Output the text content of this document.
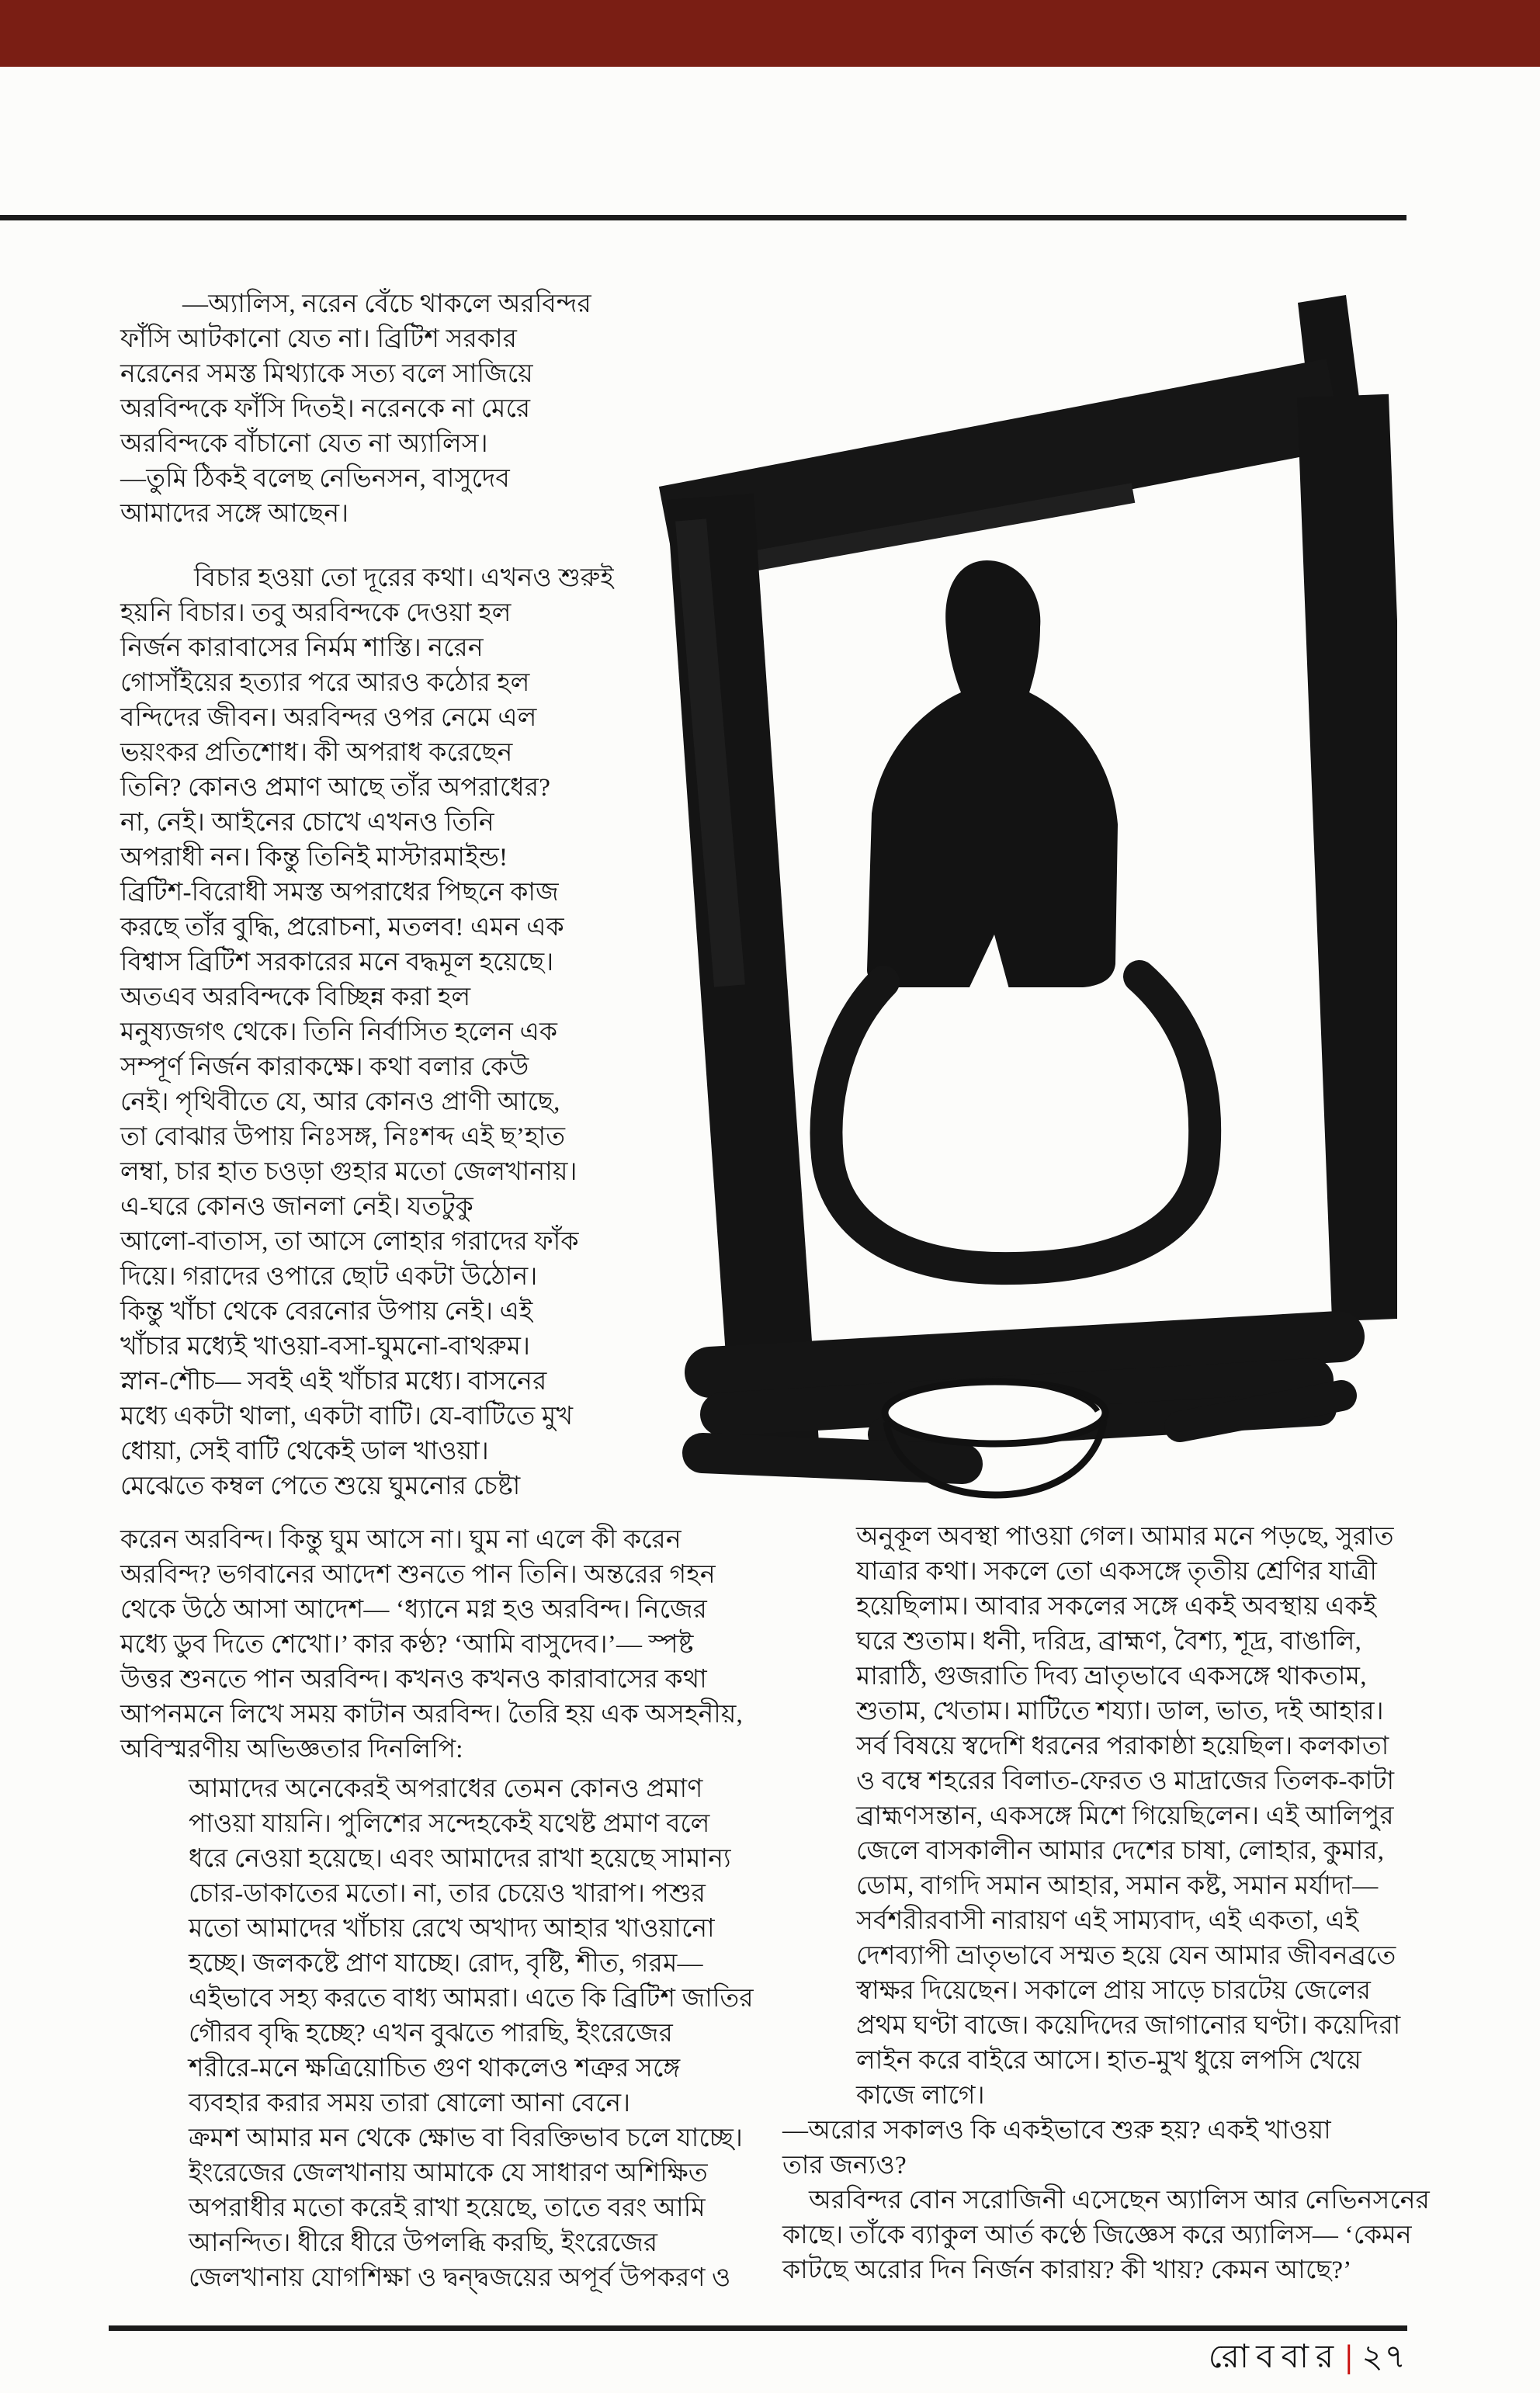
—অ্যালিস, নরেন বেঁচে থাকলে অরবিন্দর
ফাঁসি আটকানো যেত না। ব্রিটিশ সরকার
নরেনের সমস্ত মিথ্যাকে সত্য বলে সাজিয়ে
অরবিন্দকে ফাঁসি দিতই। নরেনকে না মেরে
অরবিন্দকে বাঁচানো যেত না অ্যালিস।
—তুমি ঠিকই বলেছ নেভিনসন, বাসুদেব
আমাদের সঙ্গে আছেন।
বিচার হওয়া তো দূরের কথা। এখনও শুরুই
হয়নি বিচার। তবু অরবিন্দকে দেওয়া হল
নির্জন কারাবাসের নির্মম শাস্তি। নরেন
গোসাঁইয়ের হত্যার পরে আরও কঠোর হল
বন্দিদের জীবন। অরবিন্দর ওপর নেমে এল
ভয়ংকর প্রতিশোধ। কী অপরাধ করেছেন
তিনি? কোনও প্রমাণ আছে তাঁর অপরাধের?
না, নেই। আইনের চোখে এখনও তিনি
অপরাধী নন। কিন্তু তিনিই মাস্টারমাইন্ড!
ব্রিটিশ-বিরোধী সমস্ত অপরাধের পিছনে কাজ
করছে তাঁর বুদ্ধি, প্ররোচনা, মতলব! এমন এক
বিশ্বাস ব্রিটিশ সরকারের মনে বদ্ধমূল হয়েছে।
অতএব অরবিন্দকে বিচ্ছিন্ন করা হল
মনুষ্যজগৎ থেকে। তিনি নির্বাসিত হলেন এক
সম্পূর্ণ নির্জন কারাকক্ষে। কথা বলার কেউ
নেই। পৃথিবীতে যে, আর কোনও প্রাণী আছে,
তা বোঝার উপায় নিঃসঙ্গ, নিঃশব্দ এই ছ’হাত
লম্বা, চার হাত চওড়া গুহার মতো জেলখানায়।
এ-ঘরে কোনও জানলা নেই। যতটুকু
আলো-বাতাস, তা আসে লোহার গরাদের ফাঁক
দিয়ে। গরাদের ওপারে ছোট একটা উঠোন।
কিন্তু খাঁচা থেকে বেরনোর উপায় নেই। এই
খাঁচার মধ্যেই খাওয়া-বসা-ঘুমনো-বাথরুম।
স্নান-শৌচ— সবই এই খাঁচার মধ্যে। বাসনের
মধ্যে একটা থালা, একটা বাটি। যে-বাটিতে মুখ
ধোয়া, সেই বাটি থেকেই ডাল খাওয়া।
মেঝেতে কম্বল পেতে শুয়ে ঘুমনোর চেষ্টা
করেন অরবিন্দ। কিন্তু ঘুম আসে না। ঘুম না এলে কী করেন
অরবিন্দ? ভগবানের আদেশ শুনতে পান তিনি। অন্তরের গহন
থেকে উঠে আসা আদেশ— ‘ধ্যানে মগ্ন হও অরবিন্দ। নিজের
মধ্যে ডুব দিতে শেখো।’ কার কণ্ঠ? ‘আমি বাসুদেব।’— স্পষ্ট
উত্তর শুনতে পান অরবিন্দ। কখনও কখনও কারাবাসের কথা
আপনমনে লিখে সময় কাটান অরবিন্দ। তৈরি হয় এক অসহনীয়,
অবিস্মরণীয় অভিজ্ঞতার দিনলিপি:
আমাদের অনেকেরই অপরাধের তেমন কোনও প্রমাণ
পাওয়া যায়নি। পুলিশের সন্দেহকেই যথেষ্ট প্রমাণ বলে
ধরে নেওয়া হয়েছে। এবং আমাদের রাখা হয়েছে সামান্য
চোর-ডাকাতের মতো। না, তার চেয়েও খারাপ। পশুর
মতো আমাদের খাঁচায় রেখে অখাদ্য আহার খাওয়ানো
হচ্ছে। জলকষ্টে প্রাণ যাচ্ছে। রোদ, বৃষ্টি, শীত, গরম—
এইভাবে সহ্য করতে বাধ্য আমরা। এতে কি ব্রিটিশ জাতির
গৌরব বৃদ্ধি হচ্ছে? এখন বুঝতে পারছি, ইংরেজের
শরীরে-মনে ক্ষত্রিয়োচিত গুণ থাকলেও শত্রুর সঙ্গে
ব্যবহার করার সময় তারা ষোলো আনা বেনে।
ক্রমশ আমার মন থেকে ক্ষোভ বা বিরক্তিভাব চলে যাচ্ছে।
ইংরেজের জেলখানায় আমাকে যে সাধারণ অশিক্ষিত
অপরাধীর মতো করেই রাখা হয়েছে, তাতে বরং আমি
আনন্দিত। ধীরে ধীরে উপলব্ধি করছি, ইংরেজের
জেলখানায় যোগশিক্ষা ও দ্বন্দ্বজয়ের অপূর্ব উপকরণ ও
অনুকূল অবস্থা পাওয়া গেল। আমার মনে পড়ছে, সুরাত
যাত্রার কথা। সকলে তো একসঙ্গে তৃতীয় শ্রেণির যাত্রী
হয়েছিলাম। আবার সকলের সঙ্গে একই অবস্থায় একই
ঘরে শুতাম। ধনী, দরিদ্র, ব্রাহ্মণ, বৈশ্য, শূদ্র, বাঙালি,
মারাঠি, গুজরাতি দিব্য ভ্রাতৃভাবে একসঙ্গে থাকতাম,
শুতাম, খেতাম। মাটিতে শয্যা। ডাল, ভাত, দই আহার।
সর্ব বিষয়ে স্বদেশি ধরনের পরাকাষ্ঠা হয়েছিল। কলকাতা
ও বম্বে শহরের বিলাত-ফেরত ও মাদ্রাজের তিলক-কাটা
ব্রাহ্মণসন্তান, একসঙ্গে মিশে গিয়েছিলেন। এই আলিপুর
জেলে বাসকালীন আমার দেশের চাষা, লোহার, কুমার,
ডোম, বাগদি সমান আহার, সমান কষ্ট, সমান মর্যাদা—
সর্বশরীরবাসী নারায়ণ এই সাম্যবাদ, এই একতা, এই
দেশব্যাপী ভ্রাতৃভাবে সম্মত হয়ে যেন আমার জীবনব্রতে
স্বাক্ষর দিয়েছেন। সকালে প্রায় সাড়ে চারটেয় জেলের
প্রথম ঘণ্টা বাজে। কয়েদিদের জাগানোর ঘণ্টা। কয়েদিরা
লাইন করে বাইরে আসে। হাত-মুখ ধুয়ে লপসি খেয়ে
কাজে লাগে।
—অরোর সকালও কি একইভাবে শুরু হয়? একই খাওয়া
তার জন্যও?
অরবিন্দর বোন সরোজিনী এসেছেন অ্যালিস আর নেভিনসনের
কাছে। তাঁকে ব্যাকুল আর্ত কণ্ঠে জিজ্ঞেস করে অ্যালিস— ‘কেমন
কাটছে অরোর দিন নির্জন কারায়? কী খায়? কেমন আছে?’
রোববার | ২৭
